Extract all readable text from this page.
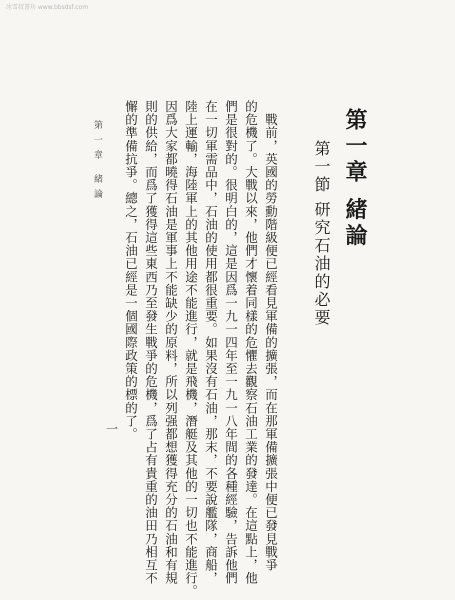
冰雪叔書坊 www.bbsdsf.com
第一章 緒論
第一節 研究石油的必要
　戰前，英國的勞勳階級便已經看見軍備的擴張，而在那軍備擴張中便已發見戰爭
的危機了。大戰以來，他們才懷着同樣的危懼去觀察石油工業的發達。在這點上，他
們是很對的。很明白的，這是因爲一九一四年至一九一八年間的各種經驗，告訴他們
在一切軍需品中，石油的使用都很重要。如果沒有石油，那末，不要說艦隊，商船，
陸上運輸，海陸軍上的其他用途不能進行，就是飛機，潛艇及其他的一切也不能進行。
因爲大家都曉得石油是軍事上不能缺少的原料，所以列强都想獲得充分的石油和有規
則的供給，而爲了獲得這些東西乃至發生戰爭的危機，爲了占有貴重的油田乃相互不
懈的準備抗爭。總之，石油已經是一個國際政策的標的了。
第一章 緒論
一
